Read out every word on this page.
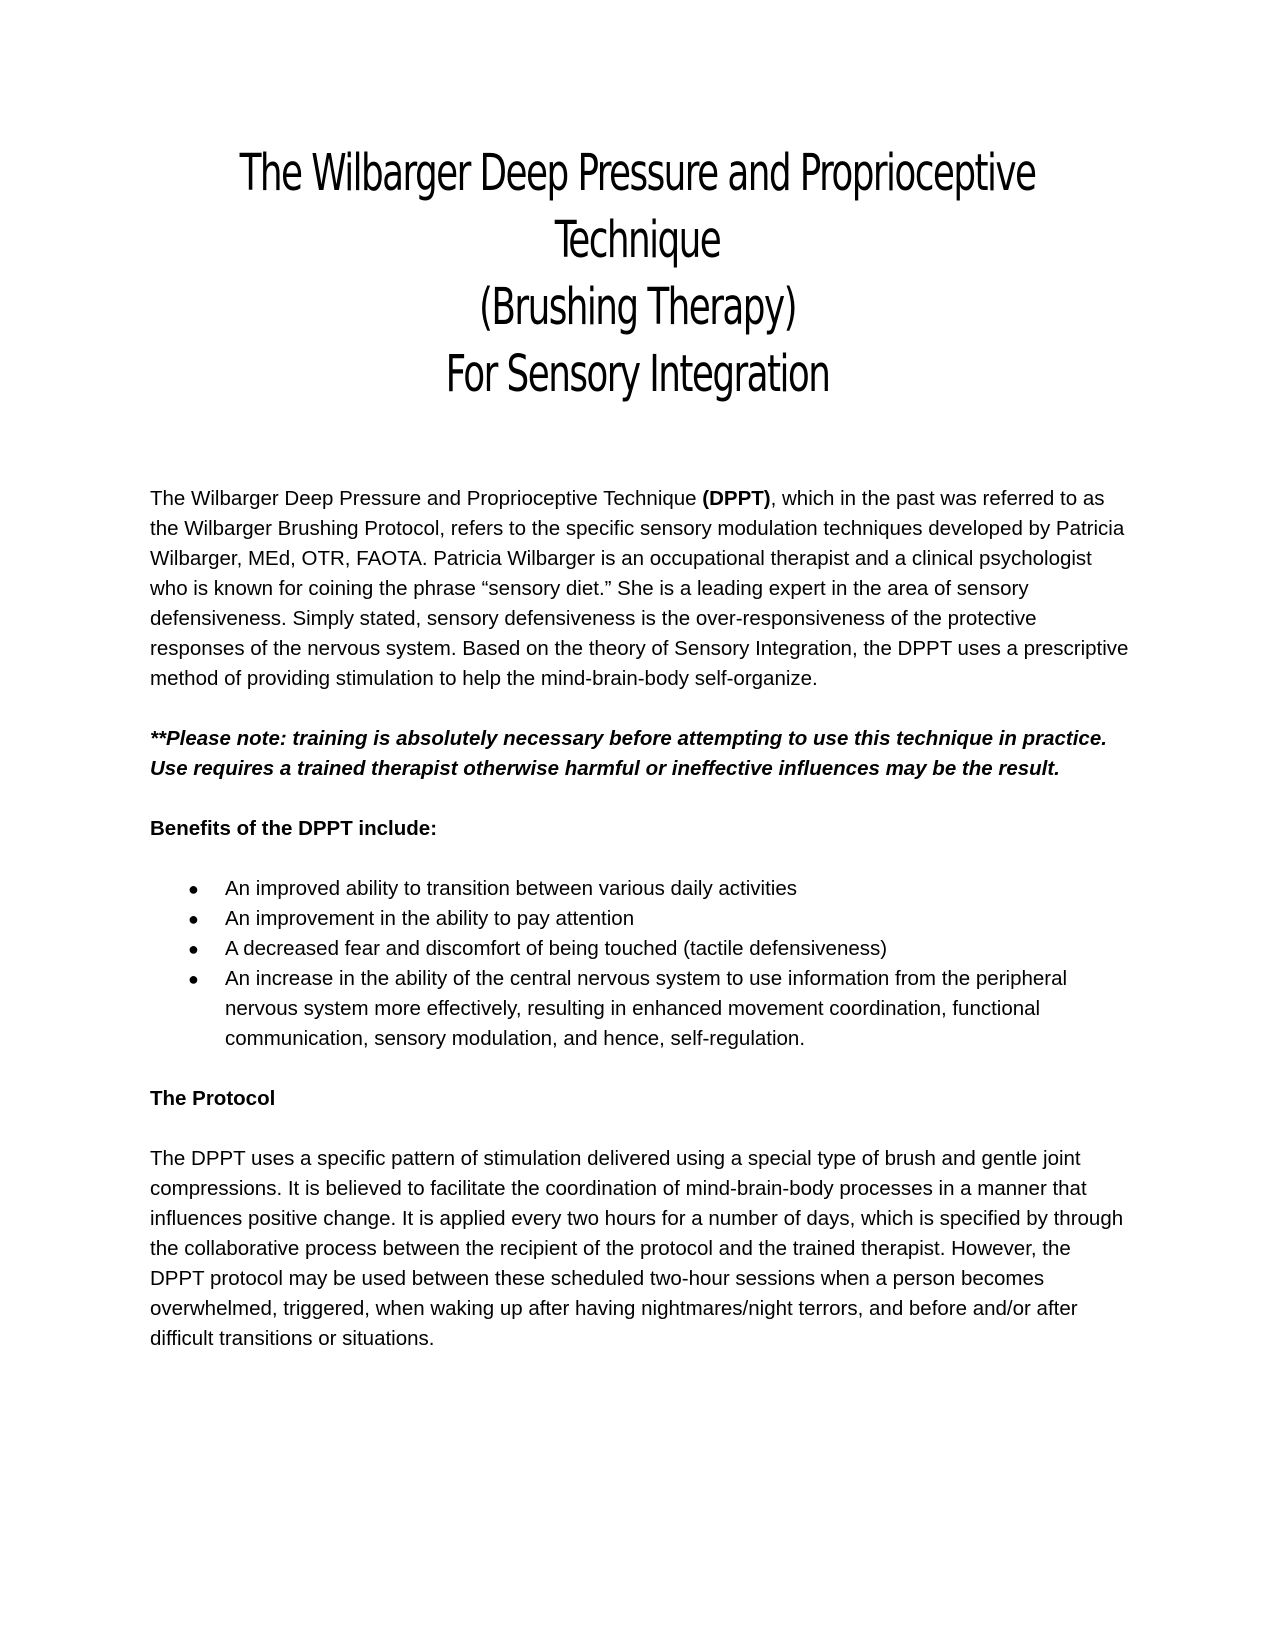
The Wilbarger Deep Pressure and Proprioceptive
Technique
(Brushing Therapy)
For Sensory Integration

The Wilbarger Deep Pressure and Proprioceptive Technique (DPPT), which in the past was referred to as the Wilbarger Brushing Protocol, refers to the specific sensory modulation techniques developed by Patricia Wilbarger, MEd, OTR, FAOTA. Patricia Wilbarger is an occupational therapist and a clinical psychologist who is known for coining the phrase “sensory diet.” She is a leading expert in the area of sensory defensiveness. Simply stated, sensory defensiveness is the over-responsiveness of the protective responses of the nervous system. Based on the theory of Sensory Integration, the DPPT uses a prescriptive method of providing stimulation to help the mind-brain-body self-organize.

**Please note: training is absolutely necessary before attempting to use this technique in practice. Use requires a trained therapist otherwise harmful or ineffective influences may be the result.

Benefits of the DPPT include:

● An improved ability to transition between various daily activities
● An improvement in the ability to pay attention
● A decreased fear and discomfort of being touched (tactile defensiveness)
● An increase in the ability of the central nervous system to use information from the peripheral nervous system more effectively, resulting in enhanced movement coordination, functional communication, sensory modulation, and hence, self-regulation.

The Protocol

The DPPT uses a specific pattern of stimulation delivered using a special type of brush and gentle joint compressions. It is believed to facilitate the coordination of mind-brain-body processes in a manner that influences positive change. It is applied every two hours for a number of days, which is specified by through the collaborative process between the recipient of the protocol and the trained therapist. However, the DPPT protocol may be used between these scheduled two-hour sessions when a person becomes overwhelmed, triggered, when waking up after having nightmares/night terrors, and before and/or after difficult transitions or situations.
